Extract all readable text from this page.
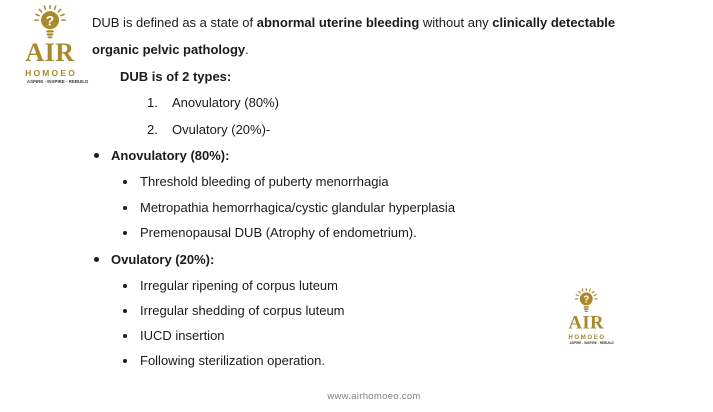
?
AIR
HOMOEO
ASPIRE - INSPIRE - REBUILD
DUB is defined as a state of abnormal uterine bleeding without any clinically detectable
organic pelvic pathology.
DUB is of 2 types:
1. Anovulatory (80%)
2. Ovulatory (20%)-
Anovulatory (80%):
Threshold bleeding of puberty menorrhagia
Metropathia hemorrhagica/cystic glandular hyperplasia
Premenopausal DUB (Atrophy of endometrium).
Ovulatory (20%):
Irregular ripening of corpus luteum
Irregular shedding of corpus luteum
IUCD insertion
Following sterilization operation.
?
AIR
HOMOEO
ASPIRE - INSPIRE - REBUILD
www.airhomoeo.com
